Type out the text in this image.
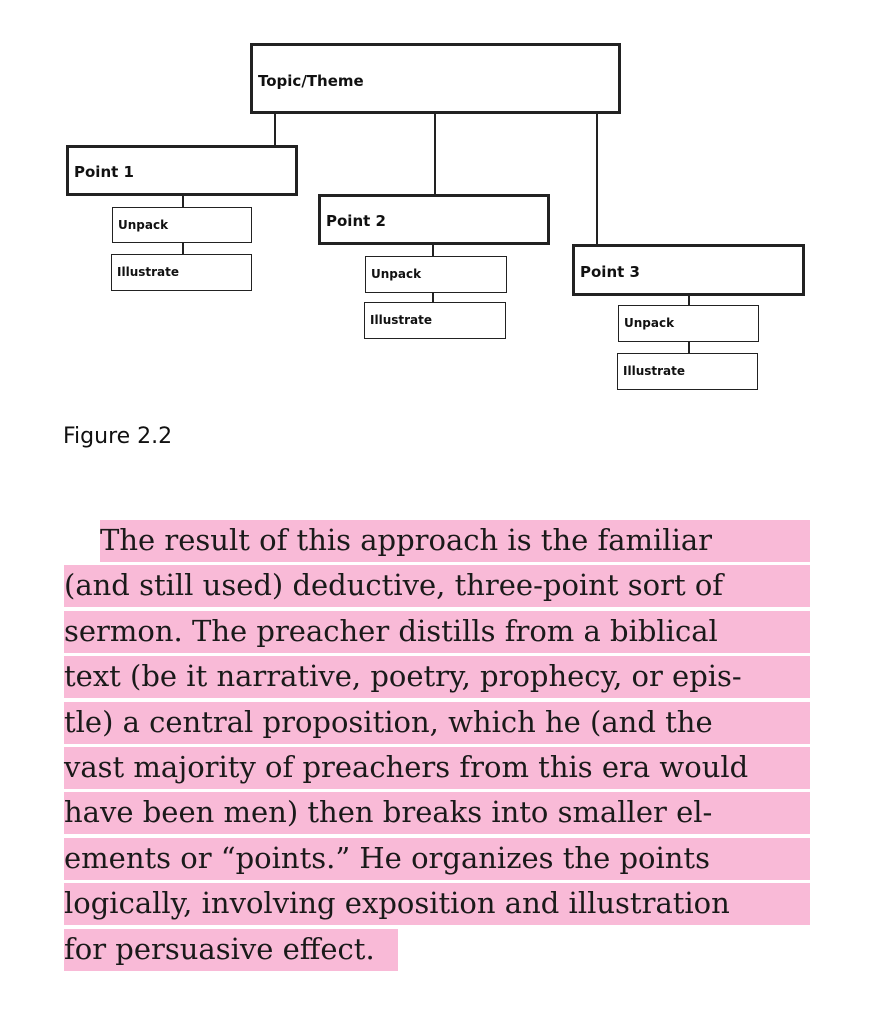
Topic/Theme
Point 1
Unpack
Illustrate
Point 2
Unpack
Illustrate
Point 3
Unpack
Illustrate
Figure 2.2
The result of this approach is the familiar
(and still used) deductive, three-point sort of
sermon. The preacher distills from a biblical
text (be it narrative, poetry, prophecy, or epis-
tle) a central proposition, which he (and the
vast majority of preachers from this era would
have been men) then breaks into smaller el-
ements or “points.” He organizes the points
logically, involving exposition and illustration
for persuasive effect.
